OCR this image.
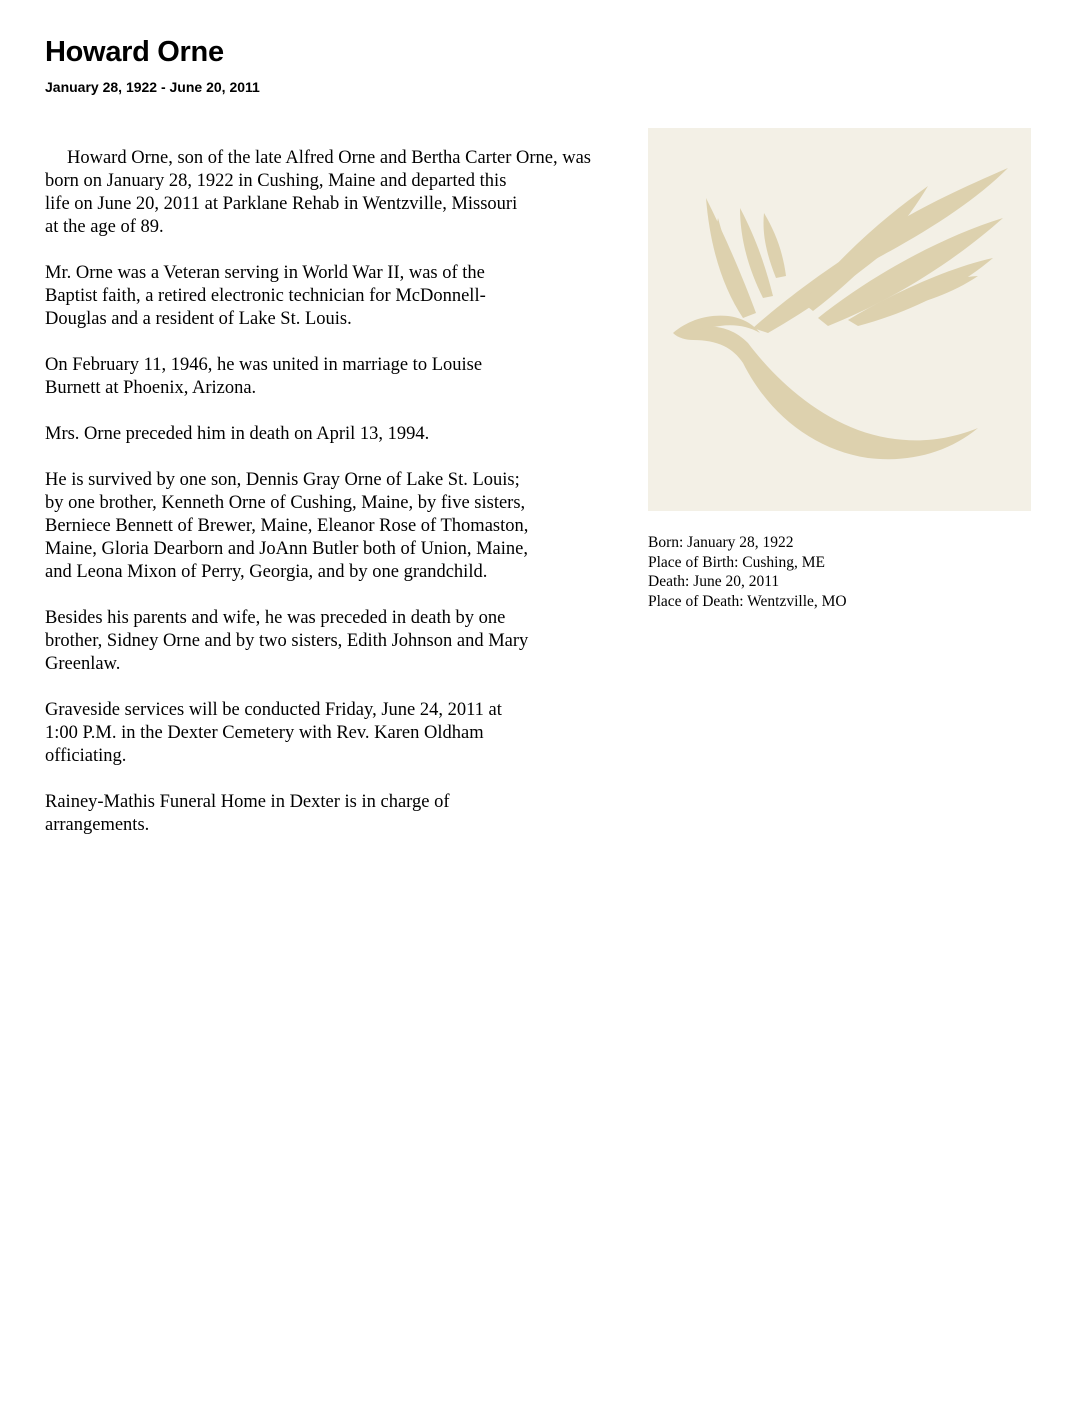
Howard Orne
January 28, 1922 - June 20, 2011

Howard Orne, son of the late Alfred Orne and Bertha Carter Orne, was
born on January 28, 1922 in Cushing, Maine and departed this
life on June 20, 2011 at Parklane Rehab in Wentzville, Missouri
at the age of 89.

Mr. Orne was a Veteran serving in World War II, was of the
Baptist faith, a retired electronic technician for McDonnell-
Douglas and a resident of Lake St. Louis.

On February 11, 1946, he was united in marriage to Louise
Burnett at Phoenix, Arizona.

Mrs. Orne preceded him in death on April 13, 1994.

He is survived by one son, Dennis Gray Orne of Lake St. Louis;
by one brother, Kenneth Orne of Cushing, Maine, by five sisters,
Berniece Bennett of Brewer, Maine, Eleanor Rose of Thomaston,
Maine, Gloria Dearborn and JoAnn Butler both of Union, Maine,
and Leona Mixon of Perry, Georgia, and by one grandchild.

Besides his parents and wife, he was preceded in death by one
brother, Sidney Orne and by two sisters, Edith Johnson and Mary
Greenlaw.

Graveside services will be conducted Friday, June 24, 2011 at
1:00 P.M. in the Dexter Cemetery with Rev. Karen Oldham
officiating.

Rainey-Mathis Funeral Home in Dexter is in charge of
arrangements.

Born: January 28, 1922
Place of Birth: Cushing, ME
Death: June 20, 2011
Place of Death: Wentzville, MO
